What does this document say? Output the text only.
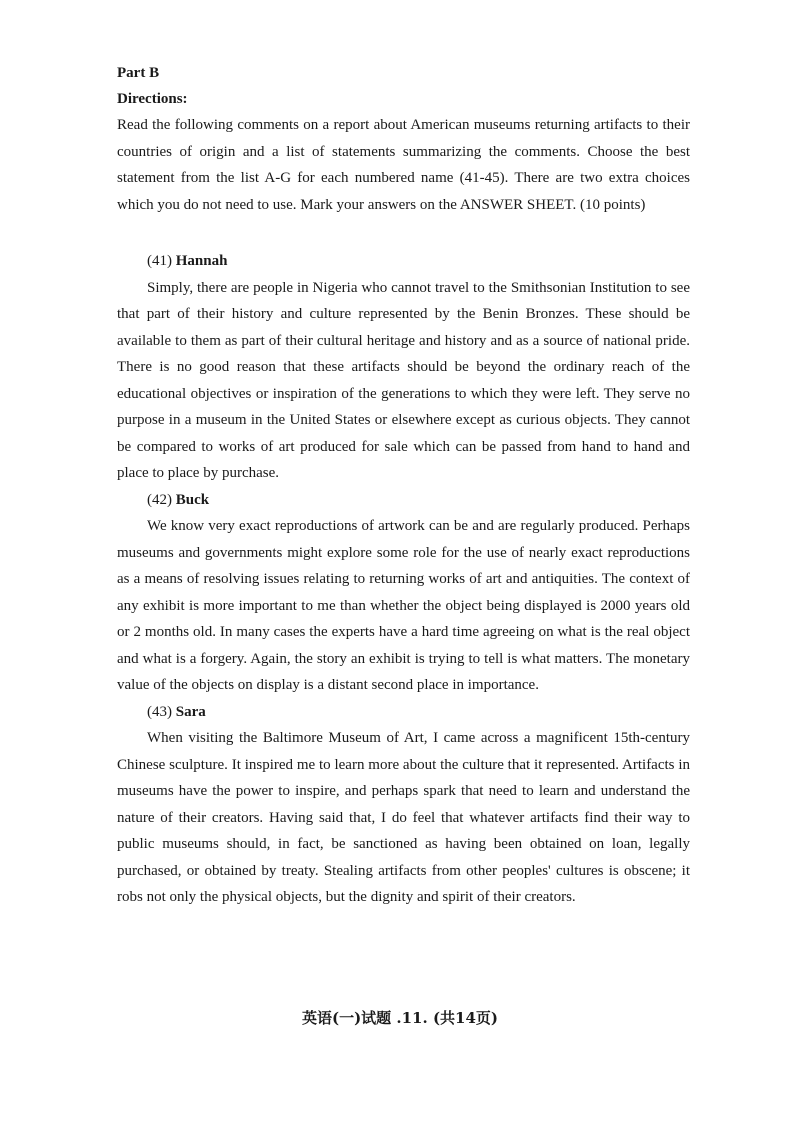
Part B

Directions:

Read the following comments on a report about American museums returning artifacts to their countries of origin and a list of statements summarizing the comments. Choose the best statement from the list A-G for each numbered name (41-45). There are two extra choices which you do not need to use. Mark your answers on the ANSWER SHEET. (10 points)

(41) Hannah

Simply, there are people in Nigeria who cannot travel to the Smithsonian Institution to see that part of their history and culture represented by the Benin Bronzes. These should be available to them as part of their cultural heritage and history and as a source of national pride. There is no good reason that these artifacts should be beyond the ordinary reach of the educational objectives or inspiration of the generations to which they were left. They serve no purpose in a museum in the United States or elsewhere except as curious objects. They cannot be compared to works of art produced for sale which can be passed from hand to hand and place to place by purchase.

(42) Buck

We know very exact reproductions of artwork can be and are regularly produced. Perhaps museums and governments might explore some role for the use of nearly exact reproductions as a means of resolving issues relating to returning works of art and antiquities. The context of any exhibit is more important to me than whether the object being displayed is 2000 years old or 2 months old. In many cases the experts have a hard time agreeing on what is the real object and what is a forgery. Again, the story an exhibit is trying to tell is what matters. The monetary value of the objects on display is a distant second place in importance.

(43) Sara

When visiting the Baltimore Museum of Art, I came across a magnificent 15th-century Chinese sculpture. It inspired me to learn more about the culture that it represented. Artifacts in museums have the power to inspire, and perhaps spark that need to learn and understand the nature of their creators. Having said that, I do feel that whatever artifacts find their way to public museums should, in fact, be sanctioned as having been obtained on loan, legally purchased, or obtained by treaty. Stealing artifacts from other peoples' cultures is obscene; it robs not only the physical objects, but the dignity and spirit of their creators.

英语(一)试题 .11. (共14页)
